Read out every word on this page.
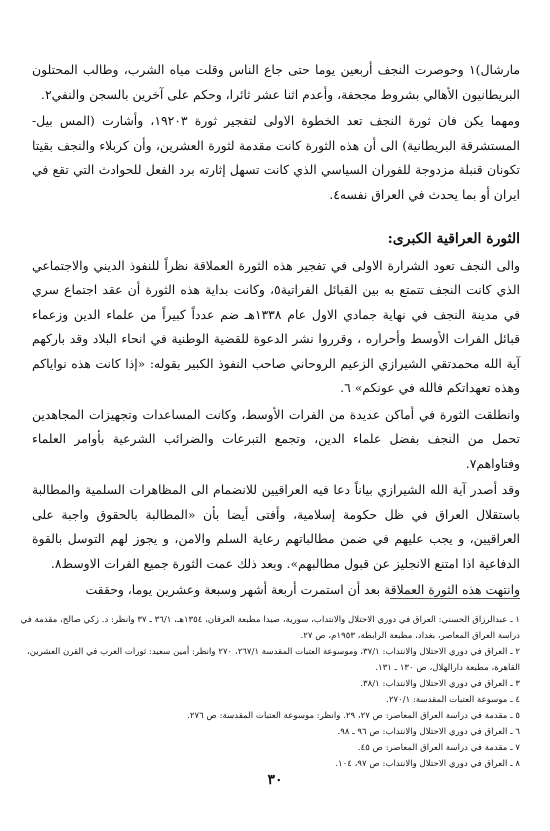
مارشال)١ وحوصرت النجف أربعين يوما حتى جاع الناس وقلت مياه الشرب، وطالب المحتلون البريطانيون الأهالي بشروط مجحفة، وأعدم اثنا عشر ثائرا، وحكم على آخرين بالسجن والنفي٢.

ومهما يكن فان ثورة النجف تعد الخطوة الاولى لتفجير ثورة ١٩٢٠٣، وأشارت (المس بيل- المستشرقة البريطانية) الى أن هذه الثورة كانت مقدمة لثورة العشرين، وأن كربلاء والنجف بقيتا تكونان قنبلة مزدوجة للفوران السياسي الذي كانت تسهل إثارته برد الفعل للحوادث التي تقع في ايران أو بما يحدث في العراق نفسه٤.

الثورة العراقية الكبرى:

والى النجف تعود الشرارة الاولى في تفجير هذه الثورة العملاقة نظراً للنفوذ الديني والاجتماعي الذي كانت النجف تتمتع به بين القبائل الفراتية٥، وكانت بداية هذه الثورة أن عقد اجتماع سري في مدينة النجف في نهاية جمادي الاول عام ١٣٣٨هـ ضم عدداً كبيراً من علماء الدين وزعماء قبائل الفرات الأوسط وأحراره ، وقرروا نشر الدعوة للقضية الوطنية في انحاء البلاد وقد باركهم آية الله محمدتقي الشيرازي الزعيم الروحاني صاحب النفوذ الكبير بقوله: «إذا كانت هذه نواياكم وهذه تعهداتكم فالله في عونكم» ٦.

وانطلقت الثورة في أماكن عديدة من الفرات الأوسط، وكانت المساعدات وتجهيزات المجاهدين تحمل من النجف بفضل علماء الدين، وتجمع التبرعات والضرائب الشرعية بأوامر العلماء وفتاواهم٧.

وقد أصدر آية الله الشيرازي بياناً دعا فيه العراقيين للانضمام الى المظاهرات السلمية والمطالبة باستقلال العراق في ظل حكومة إسلامية، وأفتى أيضا بأن «المطالبة بالحقوق واجبة على العراقيين، و يجب عليهم في ضمن مطالباتهم رعاية السلم والامن، و يجوز لهم التوسل بالقوة الدفاعية اذا امتنع الانجليز عن قبول مطالبهم». وبعد ذلك عمت الثورة جميع الفرات الاوسط٨.

وانتهت هذه الثورة العملاقة بعد أن استمرت أربعة أشهر وسبعة وعشرين يوما، وحققت

١ ـ عبدالرزاق الحسني: العراق في دوري الاحتلال والانتداب، سورية، صيدا مطبعة العرفان، ١٣٥٤هـ، ٣٦/١ ـ ٣٧ وانظر: د. زكي صالح، مقدمة في دراسة العراق المعاصر، بغداد، مطبعة الرابطة، ١٩٥٣م، ص ٢٧.
٢ ـ العراق في دوري الاحتلال والانتداب: ٣٧/١، وموسوعة العتبات المقدسة ٢٦٧/١، ٢٧٠ وانظر: أمين سعيد: ثورات العرب في القرن العشرين، القاهرة، مطبعة دارالهلال، ص ١٣٠ ـ ١٣١.
٣ ـ العراق في دوري الاحتلال والانتداب: ٣٨/١.
٤ ـ موسوعة العتبات المقدسة: ٢٧٠/١.
٥ ـ مقدمة في دراسة العراق المعاصر: ص ٢٧، ٢٩. وانظر: موسوعة العتبات المقدسة: ص ٢٧٦.
٦ ـ العراق في دوري الاحتلال والانتداب: ص ٩٦ ـ ٩٨.
٧ ـ مقدمة في دراسة العراق المعاصر: ص ٤٥.
٨ ـ العراق في دوري الاحتلال والانتداب: ص ٩٧، ١٠٤.
٣٠
